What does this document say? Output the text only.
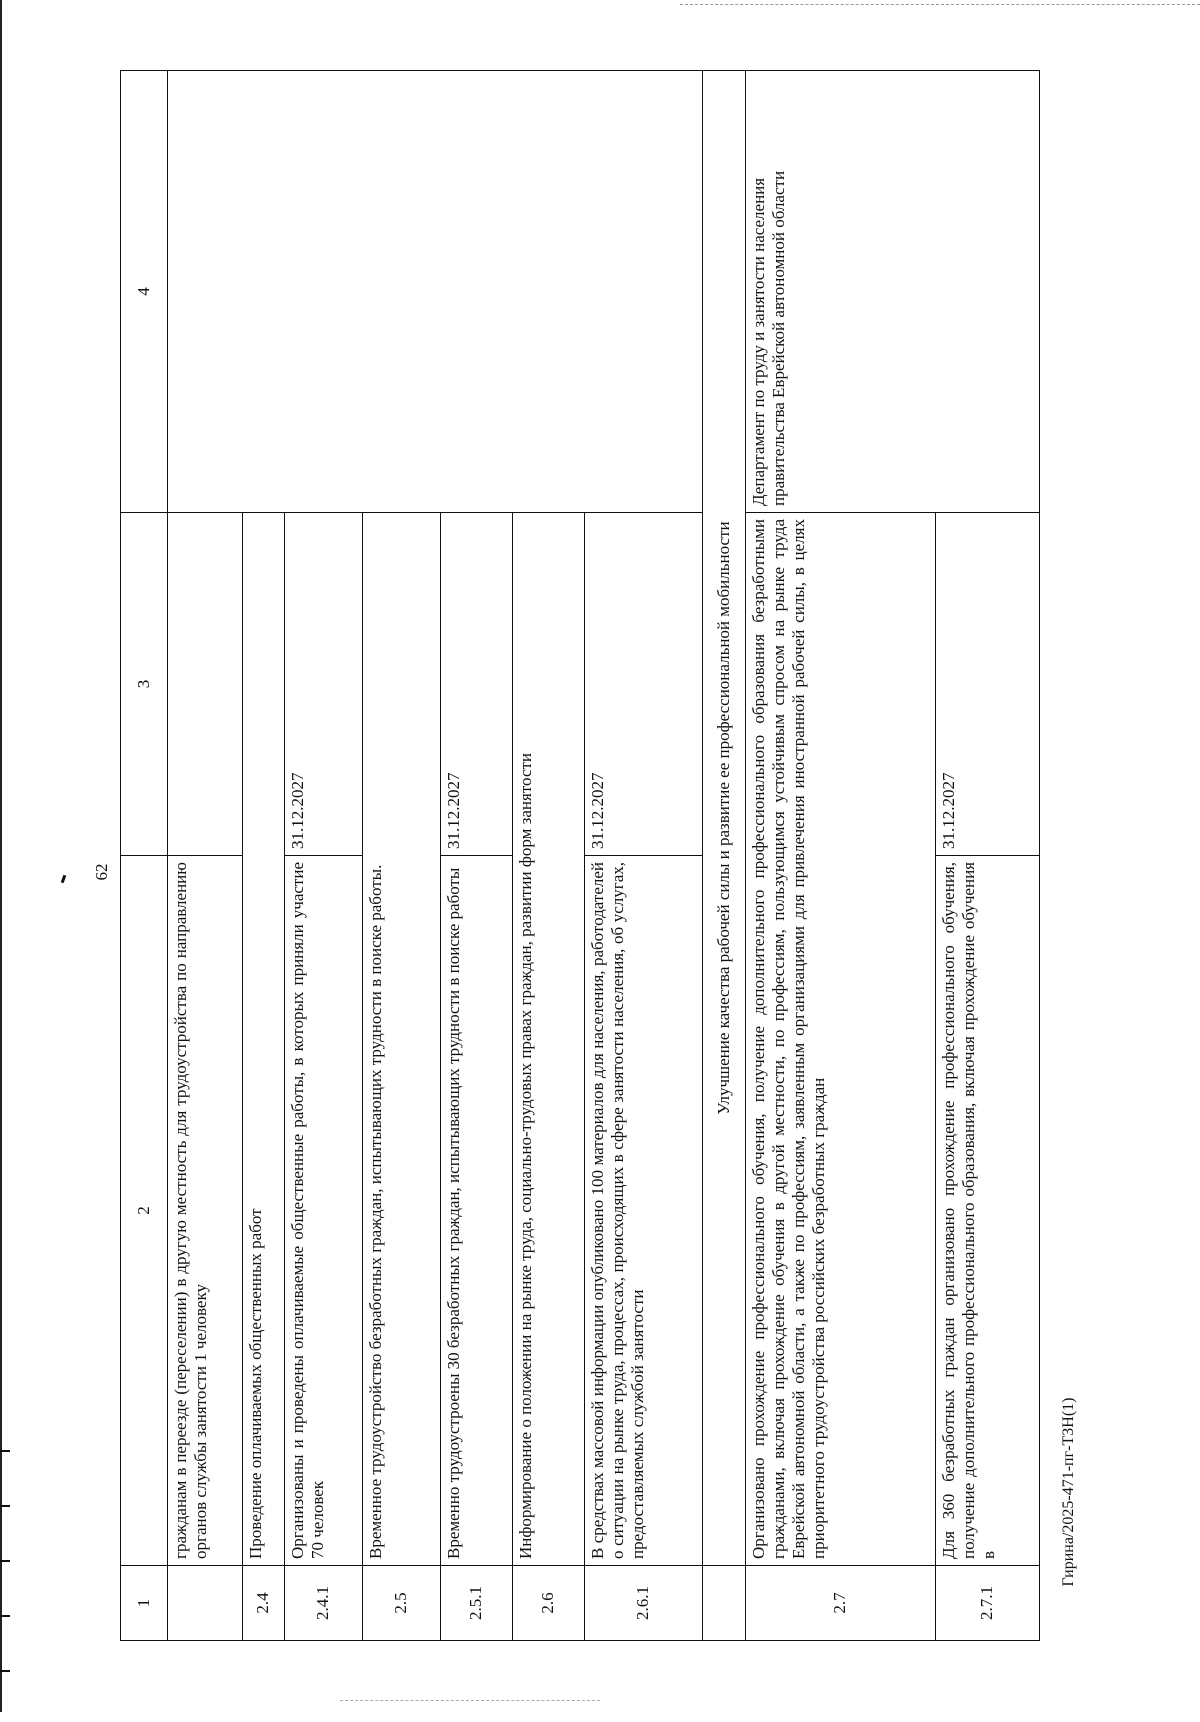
62
1	2	3	4
	гражданам в переезде (переселении) в другую местность для трудоустройства по направлению органов службы занятости 1 человеку		
2.4	Проведение оплачиваемых общественных работ		
2.4.1	Организованы и проведены оплачиваемые общественные работы, в которых приняли участие 70 человек	31.12.2027	
2.5	Временное трудоустройство безработных граждан, испытывающих трудности в поиске работы.		
2.5.1	Временно трудоустроены 30 безработных граждан, испытывающих трудности в поиске работы	31.12.2027	
2.6	Информирование о положении на рынке труда, социально-трудовых правах граждан, развитии форм занятости		
2.6.1	В средствах массовой информации опубликовано 100 материалов для населения, работодателей о ситуации на рынке труда, процессах, происходящих в сфере занятости населения, об услугах, предоставляемых службой занятости	31.12.2027	
	Улучшение качества рабочей силы и развитие ее профессиональной мобильности		
2.7	Организовано прохождение профессионального обучения, получение дополнительного профессионального образования безработными гражданами, включая прохождение обучения в другой местности, по профессиям, пользующимся устойчивым спросом на рынке труда Еврейской автономной области, а также по профессиям, заявленным организациями для привлечения иностранной рабочей силы, в целях приоритетного трудоустройства российских безработных граждан		Департамент по труду и занятости населения правительства Еврейской автономной области
2.7.1	Для 360 безработных граждан организовано прохождение профессионального обучения, получение дополнительного профессионального образования, включая прохождение обучения в	31.12.2027	
Гирина/2025-471-пг-ТЗН(1)
